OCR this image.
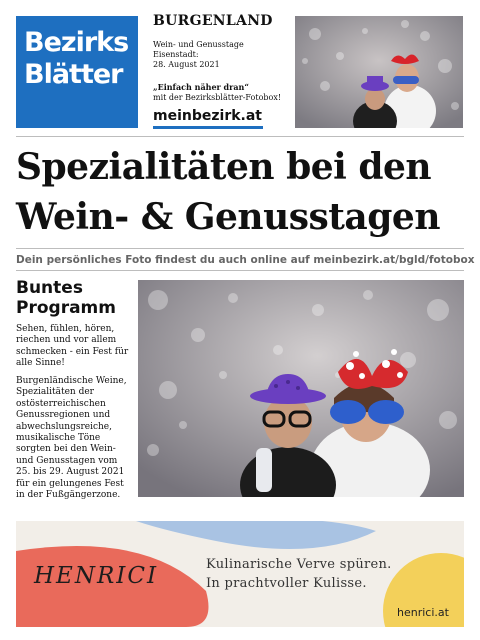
Bezirks
Blätter
BURGENLAND
Wein- und Genusstage
Eisenstadt:
28. August 2021
„Einfach näher dran“
mit der Bezirksblätter-Fotobox!
meinbezirk.at
Spezialitäten bei den
Wein- & Genusstagen
Dein persönliches Foto findest du auch online auf meinbezirk.at/bgld/fotobox
Buntes
Programm
Sehen, fühlen, hören, riechen und vor allem schmecken - ein Fest für alle Sinne!
Burgenländische Weine, Spezialitäten der ostösterreichischen Genussregionen und abwechslungsreiche, musikalische Töne sorgten bei den Wein- und Genusstagen vom 25. bis 29. August 2021 für ein gelungenes Fest in der Fußgängerzone.
HENRICI	Kulinarische Verve spüren.
In prachtvoller Kulisse.
henrici.at
